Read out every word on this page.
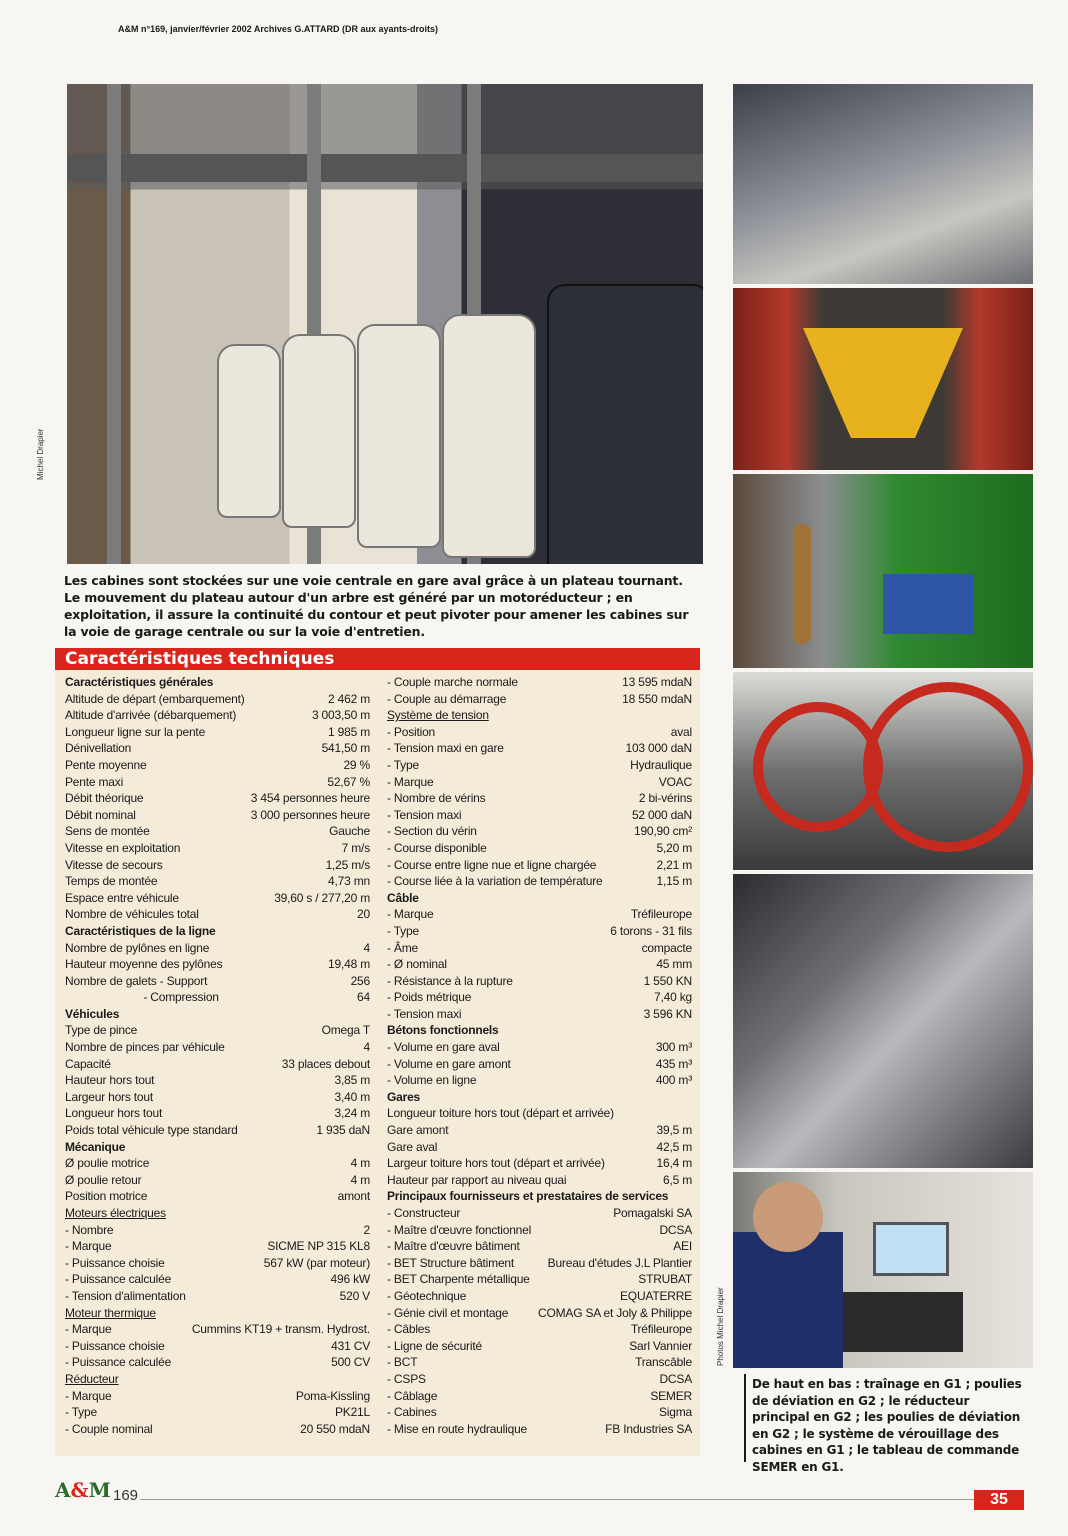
A&M n°169, janvier/février 2002 Archives G.ATTARD (DR aux ayants-droits)
Michel Drapier
Les cabines sont stockées sur une voie centrale en gare aval grâce à un plateau tournant. Le mouvement du plateau autour d'un arbre est généré par un motoréducteur ; en exploitation, il assure la continuité du contour et peut pivoter pour amener les cabines sur la voie de garage centrale ou sur la voie d'entretien.
Caractéristiques techniques
Caractéristiques générales
Altitude de départ (embarquement)	2 462 m
Altitude d'arrivée (débarquement)	3 003,50 m
Longueur ligne sur la pente	1 985 m
Dénivellation	541,50 m
Pente moyenne	29 %
Pente maxi	52,67 %
Débit théorique	3 454 personnes heure
Débit nominal	3 000 personnes heure
Sens de montée	Gauche
Vitesse en exploitation	7 m/s
Vitesse de secours	1,25 m/s
Temps de montée	4,73 mn
Espace entre véhicule	39,60 s / 277,20 m
Nombre de véhicules total	20
Caractéristiques de la ligne
Nombre de pylônes en ligne	4
Hauteur moyenne des pylônes	19,48 m
Nombre de galets - Support	256
- Compression	64
Véhicules
Type de pince	Omega T
Nombre de pinces par véhicule	4
Capacité	33 places debout
Hauteur hors tout	3,85 m
Largeur hors tout	3,40 m
Longueur hors tout	3,24 m
Poids total véhicule type standard	1 935 daN
Mécanique
Ø poulie motrice	4 m
Ø poulie retour	4 m
Position motrice	amont
Moteurs électriques
- Nombre	2
- Marque	SICME NP 315 KL8
- Puissance choisie	567 kW (par moteur)
- Puissance calculée	496 kW
- Tension d'alimentation	520 V
Moteur thermique
- Marque	Cummins KT19 + transm. Hydrost.
- Puissance choisie	431 CV
- Puissance calculée	500 CV
Réducteur
- Marque	Poma-Kissling
- Type	PK21L
- Couple nominal	20 550 mdaN
- Couple marche normale	13 595 mdaN
- Couple au démarrage	18 550 mdaN
Système de tension
- Position	aval
- Tension maxi en gare	103 000 daN
- Type	Hydraulique
- Marque	VOAC
- Nombre de vérins	2 bi-vérins
- Tension maxi	52 000 daN
- Section du vérin	190,90 cm²
- Course disponible	5,20 m
- Course entre ligne nue et ligne chargée	2,21 m
- Course liée à la variation de température	1,15 m
Câble
- Marque	Tréfileurope
- Type	6 torons - 31 fils
- Âme	compacte
- Ø nominal	45 mm
- Résistance à la rupture	1 550 KN
- Poids métrique	7,40 kg
- Tension maxi	3 596 KN
Bétons fonctionnels
- Volume en gare aval	300 m³
- Volume en gare amont	435 m³
- Volume en ligne	400 m³
Gares
Longueur toiture hors tout (départ et arrivée)
Gare amont	39,5 m
Gare aval	42,5 m
Largeur toiture hors tout (départ et arrivée)	16,4 m
Hauteur par rapport au niveau quai	6,5 m
Principaux fournisseurs et prestataires de services
- Constructeur	Pomagalski SA
- Maître d'œuvre fonctionnel	DCSA
- Maître d'œuvre bâtiment	AEI
- BET Structure bâtiment	Bureau d'études J.L Plantier
- BET Charpente métallique	STRUBAT
- Géotechnique	EQUATERRE
- Génie civil et montage COMAG SA et Joly & Philippe
- Câbles	Tréfileurope
- Ligne de sécurité	Sarl Vannier
- BCT	Transcâble
- CSPS	DCSA
- Câblage	SEMER
- Cabines	Sigma
- Mise en route hydraulique	FB Industries SA
Photos Michel Drapier
De haut en bas : traînage en G1 ; poulies de déviation en G2 ; le réducteur principal en G2 ; les poulies de déviation en G2 ; le système de vérouillage des cabines en G1 ; le tableau de commande SEMER en G1.
A&M 169	35
